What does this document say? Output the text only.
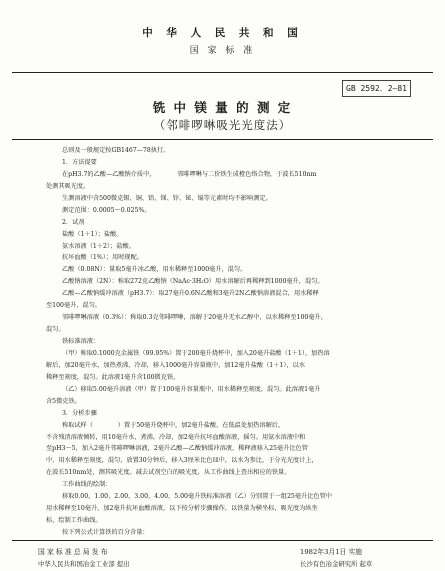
中 华 人 民 共 和 国
国 家 标 准
GB 2592．2—81
铣 中 镁 量 的 测 定
（邻啡啰啉吸光光度法）
总则及一般规定按GB1467—78执行。
1．方法提要
在pH3.7的乙酸—乙酸钠介质中，　　　　邻啡啰啉与二价铁生成橙色络合物，于波长510nm
处测其吸光度。
生测溶液中含500微克锡、铜、铅、锑、锌、铋、镉等元素时均不影响测定。
测定范围：0.0005～0.025%。
2．试剂
盐酸（1＋1）；盐酸。
氨水溶液（1＋2）；盐酸。
抗坏血酸（1%）；用时现配。
乙酸（0.08N）：量取5毫升冰乙酸，用水稀释至1000毫升，混匀。
乙酸钠溶液（2N）：称取272克乙酸钠（NaAc·3H₂O）用水溶解后再稀释到1000毫升，混匀。
乙酸—乙酸钠缓冲溶液（pH3.7）：取27毫升0.6N乙酸和3毫升2N乙酸钠溶液混合，用水稀释
至100毫升，混匀。
邻啡啰啉溶液（0.3%）：称取0.3克邻啡啰啉，溶解于20毫升无水乙醇中，以水稀释至100毫升，
混匀。
铁标准溶液：
（甲）称取0.1000克金属铁（99.95%）置于200毫升烧杯中，加入20毫升盐酸（1＋1），加热溶
解后，加20毫升水，加热煮沸，冷却，移入1000毫升容量瓶中，加12毫升盐酸（1＋1），以水
稀释至刻度，混匀。此溶液1毫升含100微克铁。
（乙）移取5.00毫升溶液（甲）置于100毫升容量瓶中，用水稀释至刻度，混匀。此溶液1毫升
含5微克铁。
3．分析步骤
称取试样（　　　　）置于50毫升烧杯中，加2毫升盐酸，在低温处加热溶解后，
不含残渣溶液倾转，用10毫升水，煮沸，冷却，加2毫升抗坏血酸溶液，摇匀。用氨水溶液中和
至pH3～5，加入2毫升邻啡啰啉溶液，2毫升乙酸—乙酸钠缓冲溶液，稀释液移入25毫升比色管
中，用水稀释至刻度，混匀，放置30分钟后，移入3厘米比色皿中，以水为参比，于分光光度计上，
在波长510nm处，测其吸光度。减去试剂空白的吸光度，从工作曲线上查出相应的铁量。
工作曲线的绘制：
移取0.00，1.00，2.00，3.00，4.00，5.00毫升铁标准溶液（乙）分别置于一组25毫升比色管中
用水稀释至10毫升，加2毫升抗坏血酸溶液，以下按分析步骤操作，以铁量为横坐标，吸光度为纵坐
标，绘制工作曲线。
按下列公式计算铁的百分含量：
国 家 标 准 总 局 发 布	1982年3月1日 实施
中华人民共和国冶金工业部 提出	长沙有色冶金研究所 起草
